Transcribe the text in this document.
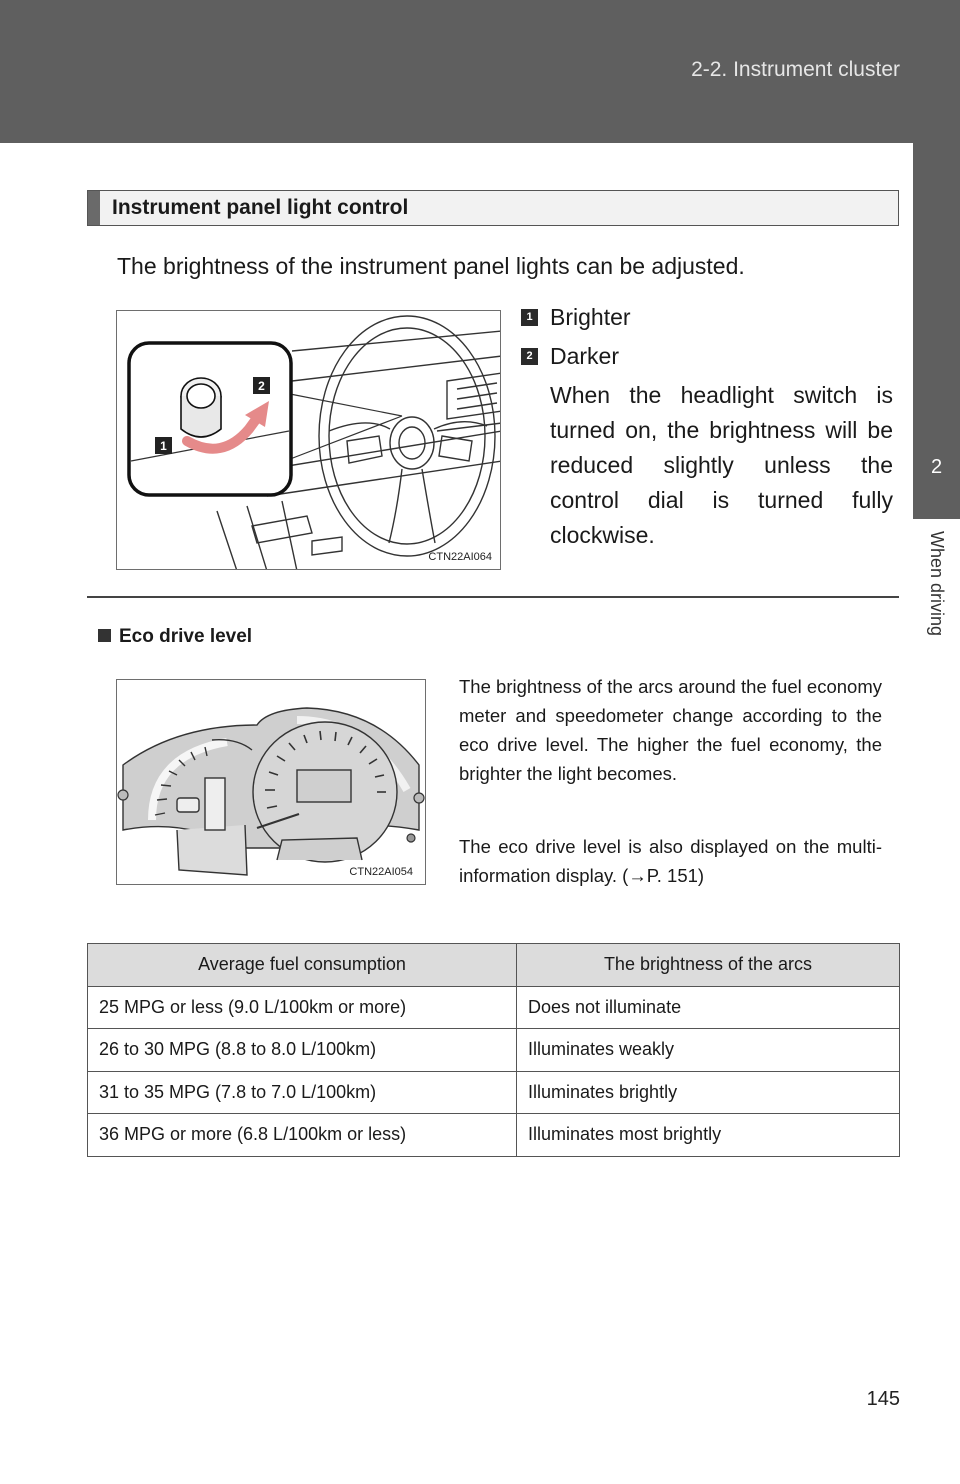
2-2. Instrument cluster
2
When driving
Instrument panel light control
The brightness of the instrument panel lights can be adjusted.
1
2
CTN22AI064
1 Brighter
2 Darker
When the headlight switch is turned on, the brightness will be reduced slightly unless the control dial is turned fully clockwise.
Eco drive level
CTN22AI054
The brightness of the arcs around the fuel economy meter and speedometer change according to the eco drive level. The higher the fuel economy, the brighter the light becomes.
The eco drive level is also displayed on the multi-information display. (→P. 151)
Average fuel consumption	The brightness of the arcs
25 MPG or less (9.0 L/100km or more)	Does not illuminate
26 to 30 MPG (8.8 to 8.0 L/100km)	Illuminates weakly
31 to 35 MPG (7.8 to 7.0 L/100km)	Illuminates brightly
36 MPG or more (6.8 L/100km or less)	Illuminates most brightly
145
